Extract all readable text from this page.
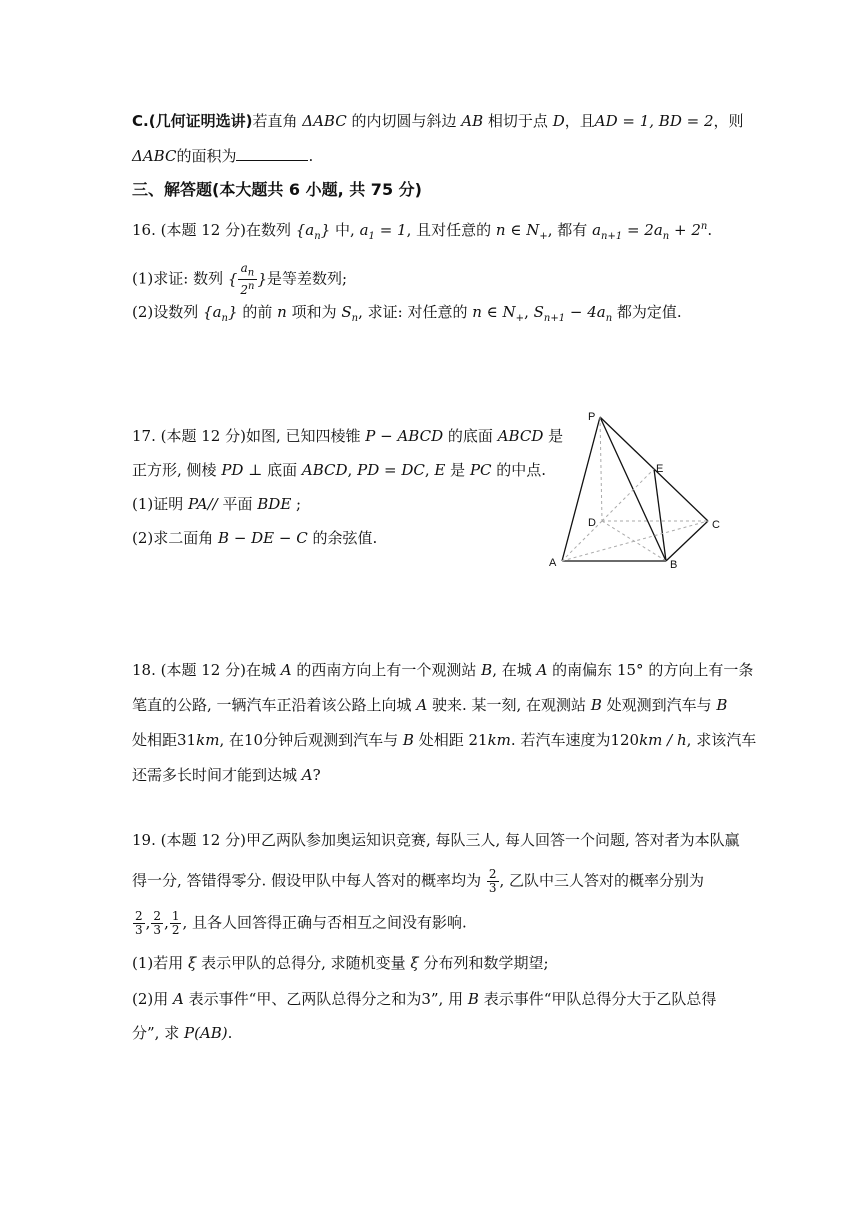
C.(几何证明选讲)若直角 ΔABC 的内切圆与斜边 AB 相切于点 D，且AD = 1, BD = 2，则
ΔABC的面积为	.
三、解答题(本大题共 6 小题, 共 75 分)
16. (本题 12 分)在数列 $\{a_n\}$ 中, $a_1 = 1$, 且对任意的 n ∈ $N_+$, 都有 $a_{n+1} = 2a_n + 2^n$.
(1)求证: 数列 { $\frac{a_n}{2^n}$ }是等差数列;
(2)设数列 $\{a_n\}$ 的前 n 项和为 $S_n$, 求证: 对任意的 n ∈ $N_+$, $S_{n+1} - 4a_n$ 都为定值.
17. (本题 12 分)如图, 已知四棱锥 P − ABCD 的底面 ABCD 是
正方形, 侧棱 PD ⊥ 底面 ABCD, PD = DC, E 是 PC 的中点.
(1)证明 PA// 平面 BDE ;
(2)求二面角 B − DE − C 的余弦值.
P
E
D	C
A	B
18. (本题 12 分)在城 A 的西南方向上有一个观测站 B, 在城 A 的南偏东 15° 的方向上有一条
笔直的公路, 一辆汽车正沿着该公路上向城 A 驶来. 某一刻, 在观测站 B 处观测到汽车与 B
处相距31km, 在10分钟后观测到汽车与 B 处相距 21km. 若汽车速度为120km / h, 求该汽车
还需多长时间才能到达城 A?
19. (本题 12 分)甲乙两队参加奥运知识竞赛, 每队三人, 每人回答一个问题, 答对者为本队赢
得一分, 答错得零分. 假设甲队中每人答对的概率均为 $\frac{2}{3}$ , 乙队中三人答对的概率分别为
$\frac{2}{3}$ , $\frac{2}{3}$ , $\frac{1}{2}$ , 且各人回答得正确与否相互之间没有影响.
(1)若用 ξ 表示甲队的总得分, 求随机变量 ξ 分布列和数学期望;
(2)用 A 表示事件“甲、乙两队总得分之和为3”, 用 B 表示事件“甲队总得分大于乙队总得
分”, 求 P(AB).
